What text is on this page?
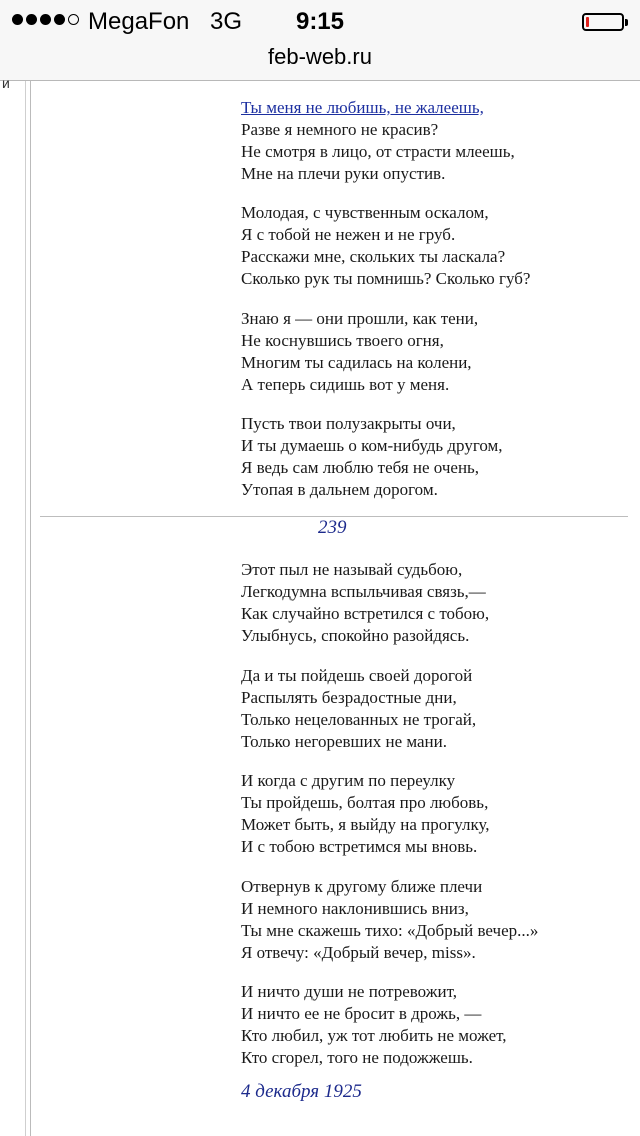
MegaFon 3G	9:15
feb-web.ru
и
Ты меня не любишь, не жалеешь,
Разве я немного не красив?
Не смотря в лицо, от страсти млеешь,
Мне на плечи руки опустив.
Молодая, с чувственным оскалом,
Я с тобой не нежен и не груб.
Расскажи мне, скольких ты ласкала?
Сколько рук ты помнишь? Сколько губ?
Знаю я — они прошли, как тени,
Не коснувшись твоего огня,
Многим ты садилась на колени,
А теперь сидишь вот у меня.
Пусть твои полузакрыты очи,
И ты думаешь о ком-нибудь другом,
Я ведь сам люблю тебя не очень,
Утопая в дальнем дорогом.
239
Этот пыл не называй судьбою,
Легкодумна вспыльчивая связь,—
Как случайно встретился с тобою,
Улыбнусь, спокойно разойдясь.
Да и ты пойдешь своей дорогой
Распылять безрадостные дни,
Только нецелованных не трогай,
Только негоревших не мани.
И когда с другим по переулку
Ты пройдешь, болтая про любовь,
Может быть, я выйду на прогулку,
И с тобою встретимся мы вновь.
Отвернув к другому ближе плечи
И немного наклонившись вниз,
Ты мне скажешь тихо: «Добрый вечер...»
Я отвечу: «Добрый вечер, miss».
И ничто души не потревожит,
И ничто ее не бросит в дрожь, —
Кто любил, уж тот любить не может,
Кто сгорел, того не подожжешь.
4 декабря 1925
